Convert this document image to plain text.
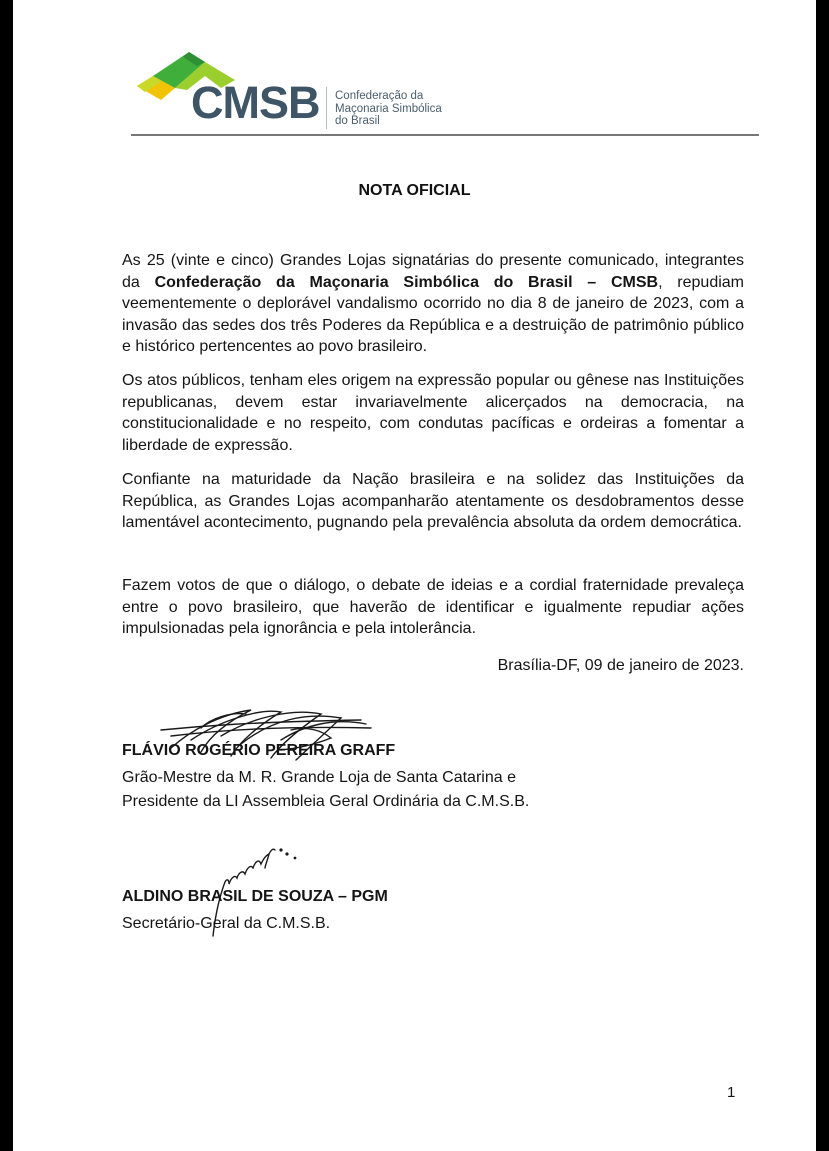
CMSB Confederação da
Maçonaria Simbólica
do Brasil
NOTA OFICIAL

As 25 (vinte e cinco) Grandes Lojas signatárias do presente comunicado, integrantes da Confederação da Maçonaria Simbólica do Brasil – CMSB, repudiam veementemente o deplorável vandalismo ocorrido no dia 8 de janeiro de 2023, com a invasão das sedes dos três Poderes da República e a destruição de patrimônio público e histórico pertencentes ao povo brasileiro.

Os atos públicos, tenham eles origem na expressão popular ou gênese nas Instituições republicanas, devem estar invariavelmente alicerçados na democracia, na constitucionalidade e no respeito, com condutas pacíficas e ordeiras a fomentar a liberdade de expressão.

Confiante na maturidade da Nação brasileira e na solidez das Instituições da República, as Grandes Lojas acompanharão atentamente os desdobramentos desse lamentável acontecimento, pugnando pela prevalência absoluta da ordem democrática.

Fazem votos de que o diálogo, o debate de ideias e a cordial fraternidade prevaleça entre o povo brasileiro, que haverão de identificar e igualmente repudiar ações impulsionadas pela ignorância e pela intolerância.

Brasília-DF, 09 de janeiro de 2023.
FLÁVIO ROGÉRIO PEREIRA GRAFF
Grão-Mestre da M. R. Grande Loja de Santa Catarina e
Presidente da LI Assembleia Geral Ordinária da C.M.S.B.
ALDINO BRASIL DE SOUZA – PGM
Secretário-Geral da C.M.S.B.
1
